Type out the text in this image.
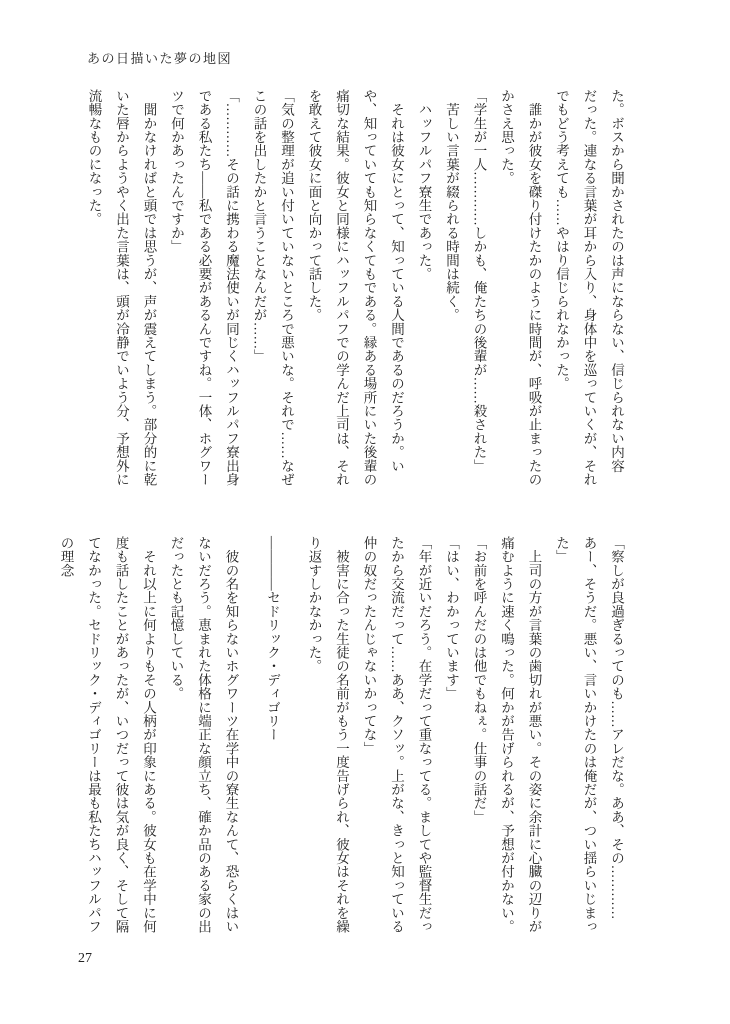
あの日描いた夢の地図

た。ボスから聞かされたのは声にならない、信じられない内容だった。連なる言葉が耳から入り、身体中を巡っていくが、それでもどう考えても……やはり信じられなかった。

　誰かが彼女を磔り付けたかのように時間が、呼吸が止まったのかさえ思った。

「学生が一人…………しかも、俺たちの後輩が……殺された」

　苦しい言葉が綴られる時間は続く。

　ハッフルパフ寮生であった。

　それは彼女にとって、知っている人間であるのだろうか。いや、知っていても知らなくてもである。縁ある場所にいた後輩の痛切な結果。彼女と同様にハッフルパフでの学んだ上司は、それを敢えて彼女に面と向かって話した。

「気の整理が追い付いていないところで悪いな。それで……なぜこの話を出したかと言うことなんだが……」

「…………その話に携わる魔法使いが同じくハッフルパフ寮出身である私たち――私である必要があるんですね。一体、ホグワーツで何かあったんですか」

　聞かなければと頭では思うが、声が震えてしまう。部分的に乾いた唇からようやく出た言葉は、頭が冷静でいよう分、予想外に流暢なものになった。

「察しが良過ぎるってのも……アレだな。ああ、その…………あー、そうだ。悪い、言いかけたのは俺だが、つい揺らいじまった」

　上司の方が言葉の歯切れが悪い。その姿に余計に心臓の辺りが痛むように速く鳴った。何かが告げられるが、予想が付かない。

「お前を呼んだのは他でもねぇ。仕事の話だ」

「はい、わかっています」

「年が近いだろう。在学だって重なってる。ましてや監督生だったから交流だって……ああ、クソッ。上がな、きっと知っている仲の奴だったんじゃないかってな」

　被害に合った生徒の名前がもう一度告げられ、彼女はそれを繰り返すしかなかった。

――――セドリック・ディゴリー

　彼の名を知らないホグワーツ在学中の寮生なんて、恐らくはいないだろう。恵まれた体格に端正な顔立ち、確か品のある家の出だったとも記憶している。

　それ以上に何よりもその人柄が印象にある。彼女も在学中に何度も話したことがあったが、いつだって彼は気が良く、そして隔てなかった。セドリック・ディゴリーは最も私たちハッフルパフの理念

27
